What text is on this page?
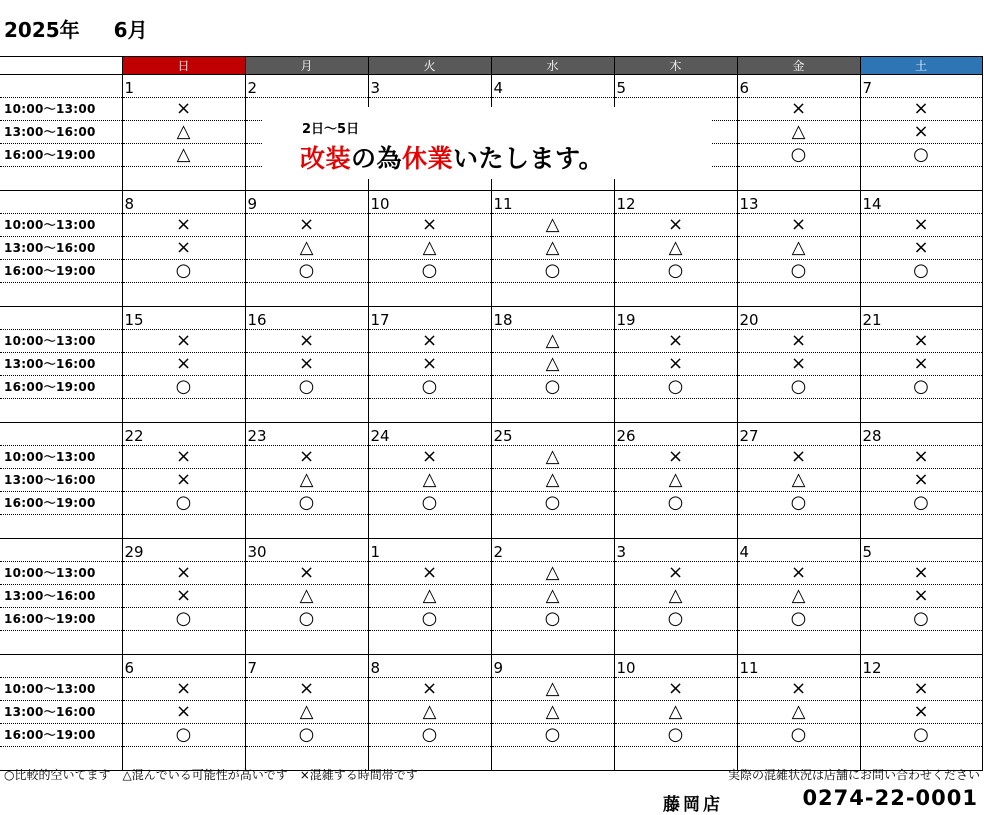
2025年 6月
	日	月	火	水	木	金	土
	1	2	3	4	5	6	7
10:00～13:00	×					×	×
13:00～16:00	△					△	×
16:00～19:00	△					○	○

	8	9	10	11	12	13	14
10:00～13:00	×	×	×	△	×	×	×
13:00～16:00	×	△	△	△	△	△	×
16:00～19:00	○	○	○	○	○	○	○

	15	16	17	18	19	20	21
10:00～13:00	×	×	×	△	×	×	×
13:00～16:00	×	×	×	△	×	×	×
16:00～19:00	○	○	○	○	○	○	○

	22	23	24	25	26	27	28
10:00～13:00	×	×	×	△	×	×	×
13:00～16:00	×	△	△	△	△	△	×
16:00～19:00	○	○	○	○	○	○	○

	29	30	1	2	3	4	5
10:00～13:00	×	×	×	△	×	×	×
13:00～16:00	×	△	△	△	△	△	×
16:00～19:00	○	○	○	○	○	○	○

	6	7	8	9	10	11	12
10:00～13:00	×	×	×	△	×	×	×
13:00～16:00	×	△	△	△	△	△	×
16:00～19:00	○	○	○	○	○	○	○

2日～5日
改装の為休業いたします。
○比較的空いてます　△混んでいる可能性が高いです　×混雑する時間帯です	実際の混雑状況は店舗にお問い合わせください
藤岡店	0274-22-0001
